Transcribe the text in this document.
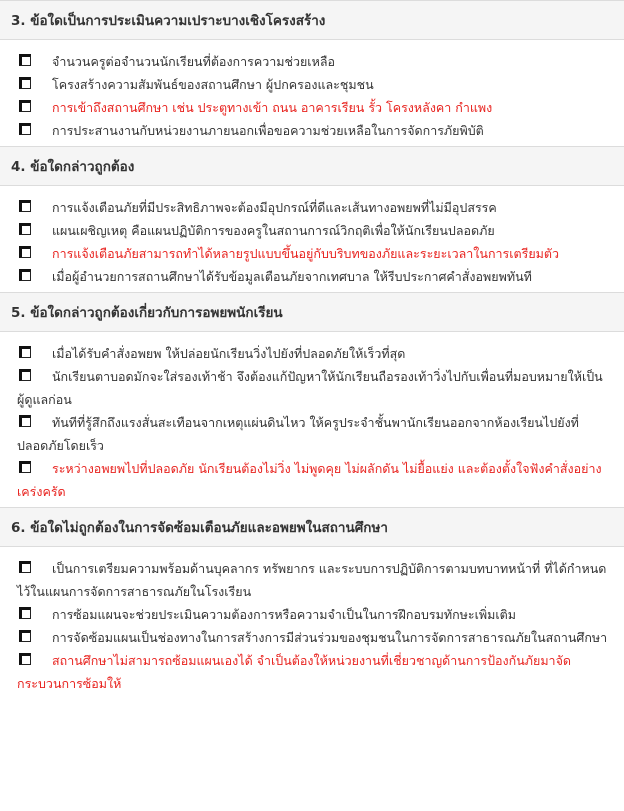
3. ข้อใดเป็นการประเมินความเปราะบางเชิงโครงสร้าง
จำนวนครูต่อจำนวนนักเรียนที่ต้องการความช่วยเหลือ
โครงสร้างความสัมพันธ์ของสถานศึกษา ผู้ปกครองและชุมชน
การเข้าถึงสถานศึกษา เช่น ประตูทางเข้า ถนน อาคารเรียน รั้ว โครงหลังคา กำแพง
การประสานงานกับหน่วยงานภายนอกเพื่อขอความช่วยเหลือในการจัดการภัยพิบัติ
4. ข้อใดกล่าวถูกต้อง
การแจ้งเตือนภัยที่มีประสิทธิภาพจะต้องมีอุปกรณ์ที่ดีและเส้นทางอพยพที่ไม่มีอุปสรรค
แผนเผชิญเหตุ คือแผนปฏิบัติการของครูในสถานการณ์วิกฤติเพื่อให้นักเรียนปลอดภัย
การแจ้งเตือนภัยสามารถทำได้หลายรูปแบบขึ้นอยู่กับบริบทของภัยและระยะเวลาในการเตรียมตัว
เมื่อผู้อำนวยการสถานศึกษาได้รับข้อมูลเตือนภัยจากเทศบาล ให้รีบประกาศคำสั่งอพยพทันที
5. ข้อใดกล่าวถูกต้องเกี่ยวกับการอพยพนักเรียน
เมื่อได้รับคำสั่งอพยพ ให้ปล่อยนักเรียนวิ่งไปยังที่ปลอดภัยให้เร็วที่สุด
นักเรียนตาบอดมักจะใส่รองเท้าช้า จึงต้องแก้ปัญหาให้นักเรียนถือรองเท้าวิ่งไปกับเพื่อนที่มอบหมายให้เป็นผู้ดูแลก่อน
ทันทีที่รู้สึกถึงแรงสั่นสะเทือนจากเหตุแผ่นดินไหว ให้ครูประจำชั้นพานักเรียนออกจากห้องเรียนไปยังที่ปลอดภัยโดยเร็ว
ระหว่างอพยพไปที่ปลอดภัย นักเรียนต้องไม่วิ่ง ไม่พูดคุย ไม่ผลักดัน ไม่ยื้อแย่ง และต้องตั้งใจฟังคำสั่งอย่างเคร่งครัด
6. ข้อใดไม่ถูกต้องในการจัดซ้อมเตือนภัยและอพยพในสถานศึกษา
เป็นการเตรียมความพร้อมด้านบุคลากร ทรัพยากร และระบบการปฏิบัติการตามบทบาทหน้าที่ ที่ได้กำหนดไว้ในแผนการจัดการสาธารณภัยในโรงเรียน
การซ้อมแผนจะช่วยประเมินความต้องการหรือความจำเป็นในการฝึกอบรมทักษะเพิ่มเติม
การจัดซ้อมแผนเป็นช่องทางในการสร้างการมีส่วนร่วมของชุมชนในการจัดการสาธารณภัยในสถานศึกษา
สถานศึกษาไม่สามารถซ้อมแผนเองได้ จำเป็นต้องให้หน่วยงานที่เชี่ยวชาญด้านการป้องกันภัยมาจัดกระบวนการซ้อมให้
